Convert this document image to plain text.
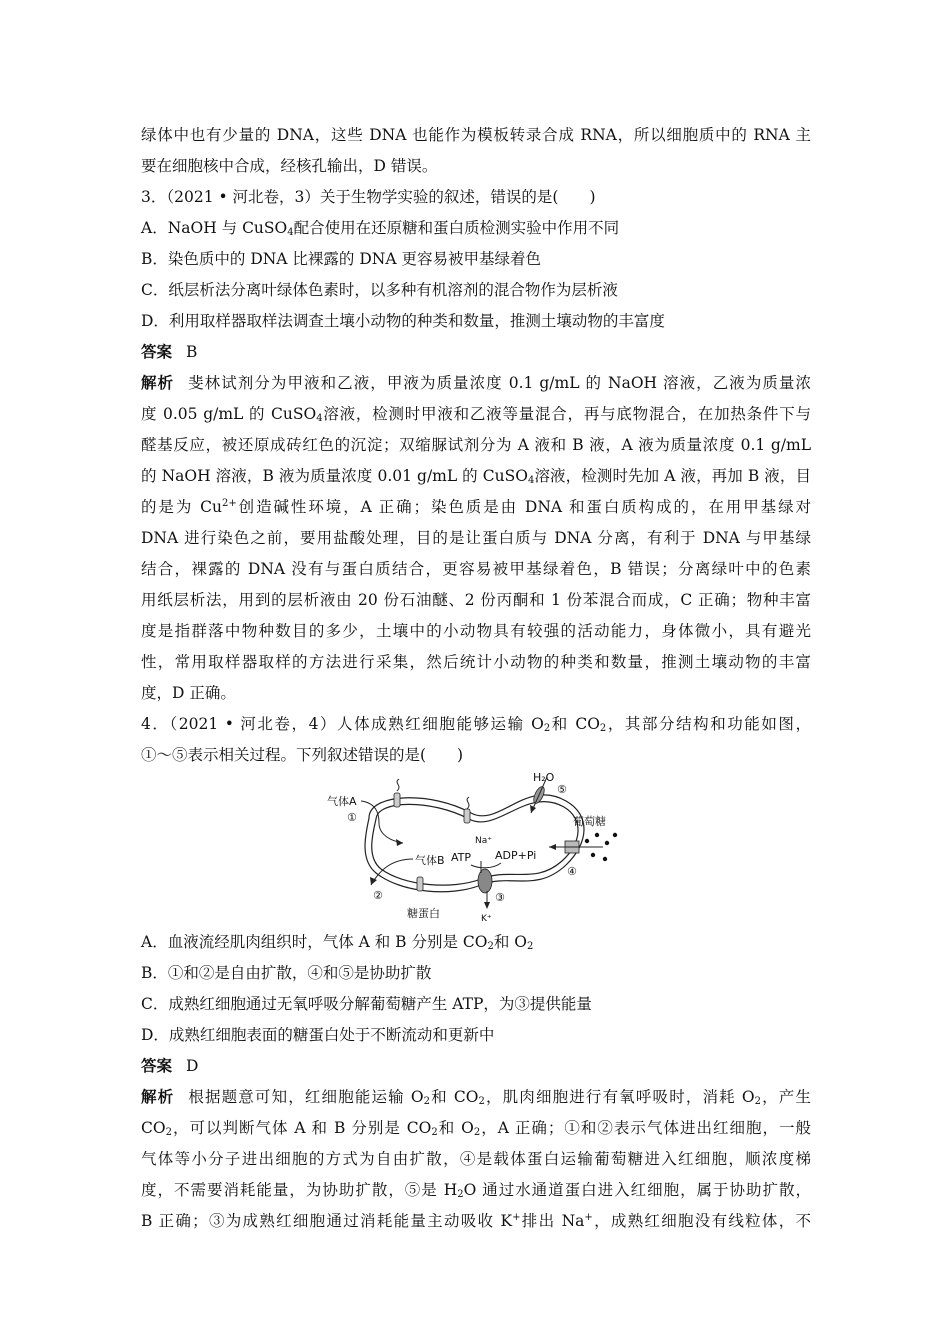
绿体中也有少量的 DNA，这些 DNA 也能作为模板转录合成 RNA，所以细胞质中的 RNA 主
要在细胞核中合成，经核孔输出，D 错误。
3．（2021 • 河北卷，3）关于生物学实验的叙述，错误的是(　　)
A．NaOH 与 CuSO$_4$配合使用在还原糖和蛋白质检测实验中作用不同
B．染色质中的 DNA 比裸露的 DNA 更容易被甲基绿着色
C．纸层析法分离叶绿体色素时，以多种有机溶剂的混合物作为层析液
D．利用取样器取样法调查土壤小动物的种类和数量，推测土壤动物的丰富度
答案 B
解析 斐林试剂分为甲液和乙液，甲液为质量浓度 0.1 g/mL 的 NaOH 溶液，乙液为质量浓
度 0.05 g/mL 的 CuSO$_4$溶液，检测时甲液和乙液等量混合，再与底物混合，在加热条件下与
醛基反应，被还原成砖红色的沉淀；双缩脲试剂分为 A 液和 B 液，A 液为质量浓度 0.1 g/mL
的 NaOH 溶液，B 液为质量浓度 0.01 g/mL 的 CuSO$_4$溶液，检测时先加 A 液，再加 B 液，目
的是为 $Cu^{2+}$创造碱性环境，A 正确；染色质是由 DNA 和蛋白质构成的，在用甲基绿对
DNA 进行染色之前，要用盐酸处理，目的是让蛋白质与 DNA 分离，有利于 DNA 与甲基绿
结合，裸露的 DNA 没有与蛋白质结合，更容易被甲基绿着色，B 错误；分离绿叶中的色素
用纸层析法，用到的层析液由 20 份石油醚、2 份丙酮和 1 份苯混合而成，C 正确；物种丰富
度是指群落中物种数目的多少，土壤中的小动物具有较强的活动能力，身体微小，具有避光
性，常用取样器取样的方法进行采集，然后统计小动物的种类和数量，推测土壤动物的丰富
度，D 正确。
4．（2021 • 河北卷，4）人体成熟红细胞能够运输 $O_2$和 $CO_2$，其部分结构和功能如图，
①～⑤表示相关过程。下列叙述错误的是(　　)
气体A
①
气体B
②
糖蛋白
ATP
Na⁺
ADP+Pi
③
K⁺
H₂O
⑤
葡萄糖
④
A．血液流经肌肉组织时，气体 A 和 B 分别是 $CO_2$和 $O_2$
B．①和②是自由扩散，④和⑤是协助扩散
C．成熟红细胞通过无氧呼吸分解葡萄糖产生 ATP，为③提供能量
D．成熟红细胞表面的糖蛋白处于不断流动和更新中
答案 D
解析 根据题意可知，红细胞能运输 $O_2$和 $CO_2$，肌肉细胞进行有氧呼吸时，消耗 $O_2$，产生
$CO_2$，可以判断气体 A 和 B 分别是 $CO_2$和 $O_2$，A 正确；①和②表示气体进出红细胞，一般
气体等小分子进出细胞的方式为自由扩散，④是载体蛋白运输葡萄糖进入红细胞，顺浓度梯
度，不需要消耗能量，为协助扩散，⑤是 $H_2O$ 通过水通道蛋白进入红细胞，属于协助扩散，
B 正确；③为成熟红细胞通过消耗能量主动吸收 K+排出 Na+，成熟红细胞没有线粒体，不
